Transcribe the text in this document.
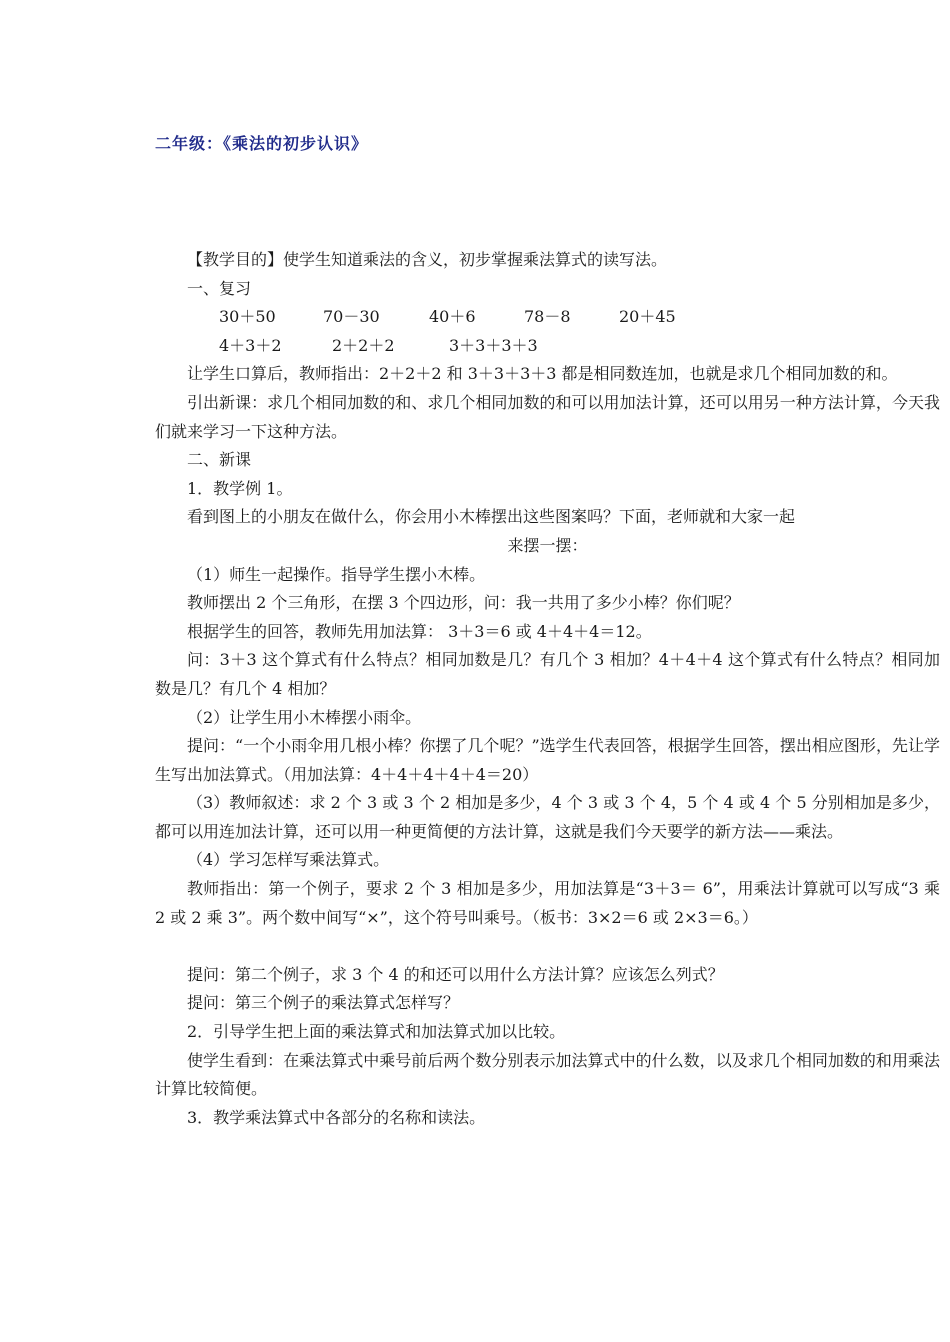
二年级：《乘法的初步认识》

【教学目的】使学生知道乘法的含义，初步掌握乘法算式的读写法。

一、复习

30＋50	70－30	40＋6	78－8	20＋45

4＋3＋2	2＋2＋2	3＋3＋3＋3

让学生口算后，教师指出：2＋2＋2 和 3＋3＋3＋3 都是相同数连加，也就是求几个相同加数的和。

引出新课：求几个相同加数的和、求几个相同加数的和可以用加法计算，还可以用另一种方法计算，今天我们就来学习一下这种方法。

二、新课

1．教学例 1。

看到图上的小朋友在做什么，你会用小木棒摆出这些图案吗？下面，老师就和大家一起

来摆一摆：

（1）师生一起操作。指导学生摆小木棒。

教师摆出 2 个三角形，在摆 3 个四边形，问：我一共用了多少小棒？你们呢？

根据学生的回答，教师先用加法算： 3＋3＝6 或 4＋4＋4＝12。

问：3＋3 这个算式有什么特点？相同加数是几？有几个 3 相加？4＋4＋4 这个算式有什么特点？相同加数是几？有几个 4 相加？

（2）让学生用小木棒摆小雨伞。

提问：“一个小雨伞用几根小棒？你摆了几个呢？”选学生代表回答，根据学生回答，摆出相应图形，先让学生写出加法算式。（用加法算：4＋4＋4＋4＋4＝20）

（3）教师叙述：求 2 个 3 或 3 个 2 相加是多少，4 个 3 或 3 个 4，5 个 4 或 4 个 5 分别相加是多少，都可以用连加法计算，还可以用一种更简便的方法计算，这就是我们今天要学的新方法——乘法。

（4）学习怎样写乘法算式。

教师指出：第一个例子，要求 2 个 3 相加是多少，用加法算是“3＋3＝ 6”，用乘法计算就可以写成“3 乘 2 或 2 乘 3”。两个数中间写“×”，这个符号叫乘号。（板书：3×2＝6 或 2×3＝6。）

提问：第二个例子，求 3 个 4 的和还可以用什么方法计算？应该怎么列式？

提问：第三个例子的乘法算式怎样写？

2．引导学生把上面的乘法算式和加法算式加以比较。

使学生看到：在乘法算式中乘号前后两个数分别表示加法算式中的什么数，以及求几个相同加数的和用乘法计算比较简便。

3．教学乘法算式中各部分的名称和读法。
